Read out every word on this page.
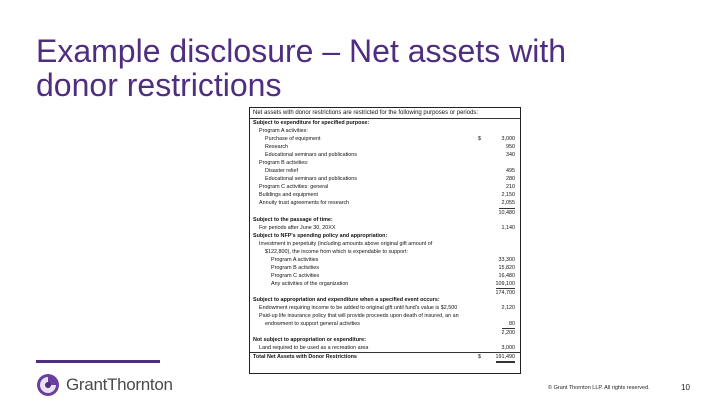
Example disclosure – Net assets with
donor restrictions
Net assets with donor restrictions are restricted for the following purposes or periods:
Subject to expenditure for specified purpose:
Program A activities:
Purchase of equipment	$	3,000
Research	950
Educational seminars and publications	340
Program B activities:
Disaster relief	495
Educational seminars and publications	280
Program C activities: general	210
Buildings and equipment	2,150
Annuity trust agreements for research	2,055
10,480
Subject to the passage of time:
For periods after June 30, 20XX	1,140
Subject to NFP's spending policy and appropriation:
Investment in perpetuity (including amounts above original gift amount of
$122,800), the income from which is expendable to support:
Program A activities	33,300
Program B activities	15,820
Program C activities	16,480
Any activities of the organization	109,100
174,700
Subject to appropriation and expenditure when a specified event occurs:
Endowment requiring income to be added to original gift until fund's value is $2,500	2,120
Paid-up life insurance policy that will provide proceeds upon death of insured, an an
endowment to support general activities	80
2,200
Not subject to appropriation or expenditure:
Land required to be used as a recreation area	3,000
Total Net Assets with Donor Restrictions	$	191,490
GrantThornton	© Grant Thornton LLP. All rights reserved.	10
